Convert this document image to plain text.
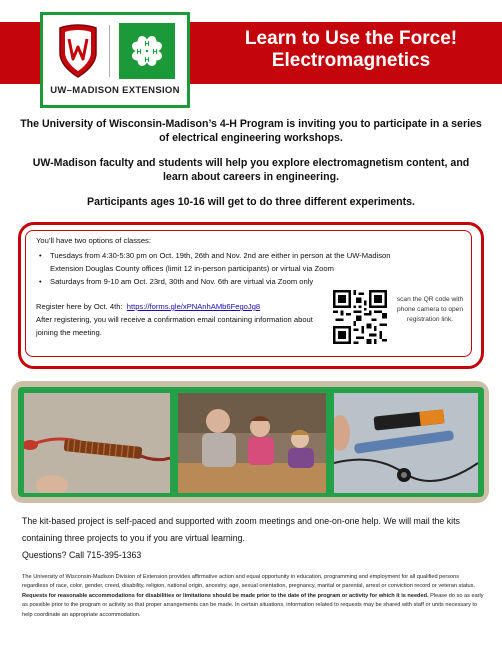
H
H
H H
UW–MADISON EXTENSION
Learn to Use the Force!
Electromagnetics
The University of Wisconsin-Madison’s 4-H Program is inviting you to participate in a series of electrical engineering workshops.
UW-Madison faculty and students will help you explore electromagnetism content, and learn about careers in engineering.
Participants ages 10-16 will get to do three different experiments.
You’ll have two options of classes:
• Tuesdays from 4:30-5:30 pm on Oct. 19th, 26th and Nov. 2nd are either in person at the UW-Madison Extension Douglas County offices (limit 12 in-person participants) or virtual via Zoom
• Saturdays from 9-10 am Oct. 23rd, 30th and Nov. 6th are virtual via Zoom only
Register here by Oct. 4th: https://forms.gle/xPNAnhAMb6FegoJg8
After registering, you will receive a confirmation email containing information about joining the meeting.
scan the QR code with phone camera to open registration link.
The kit-based project is self-paced and supported with zoom meetings and one-on-one help. We will mail the kits containing three projects to you if you are virtual learning.
Questions? Call 715-395-1363
The University of Wisconsin-Madison Division of Extension provides affirmative action and equal opportunity in education, programming and employment for all qualified persons regardless of race, color, gender, creed, disability, religion, national origin, ancestry, age, sexual orientation, pregnancy, marital or parental, arrest or conviction record or veteran status. Requests for reasonable accommodations for disabilities or limitations should be made prior to the date of the program or activity for which it is needed. Please do so as early as possible prior to the program or activity so that proper arrangements can be made. In certain situations, information related to requests may be shared with staff or units necessary to help coordinate an appropriate accommodation.
